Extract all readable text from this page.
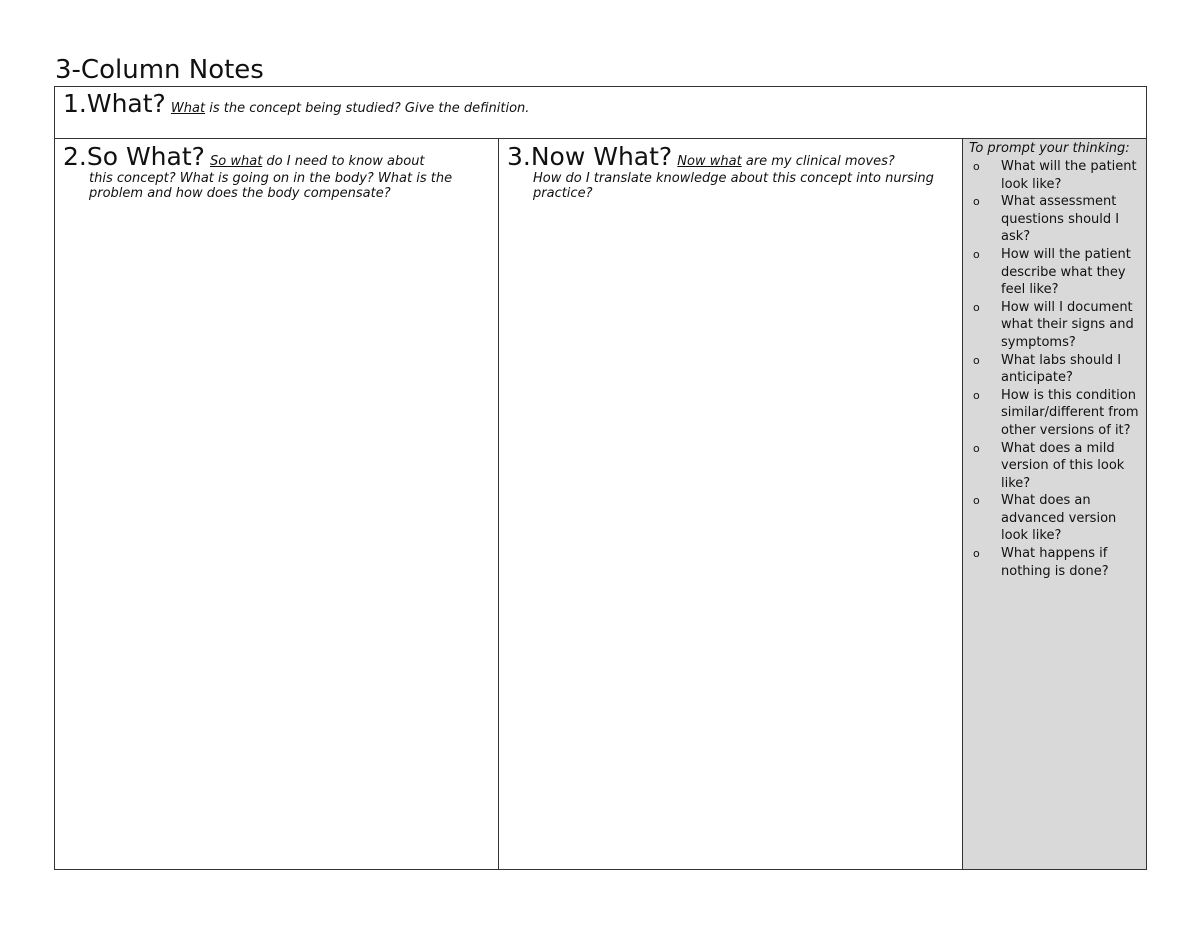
3-Column Notes
1.What? What is the concept being studied? Give the definition.
2.So What? So what do I need to know about
this concept? What is going on in the body? What is the problem and how does the body compensate?
3.Now What? Now what are my clinical moves?
How do I translate knowledge about this concept into nursing practice?
To prompt your thinking:
o What will the patient look like?
o What assessment questions should I ask?
o How will the patient describe what they feel like?
o How will I document what their signs and symptoms?
o What labs should I anticipate?
o How is this condition similar/different from other versions of it?
o What does a mild version of this look like?
o What does an advanced version look like?
o What happens if nothing is done?
